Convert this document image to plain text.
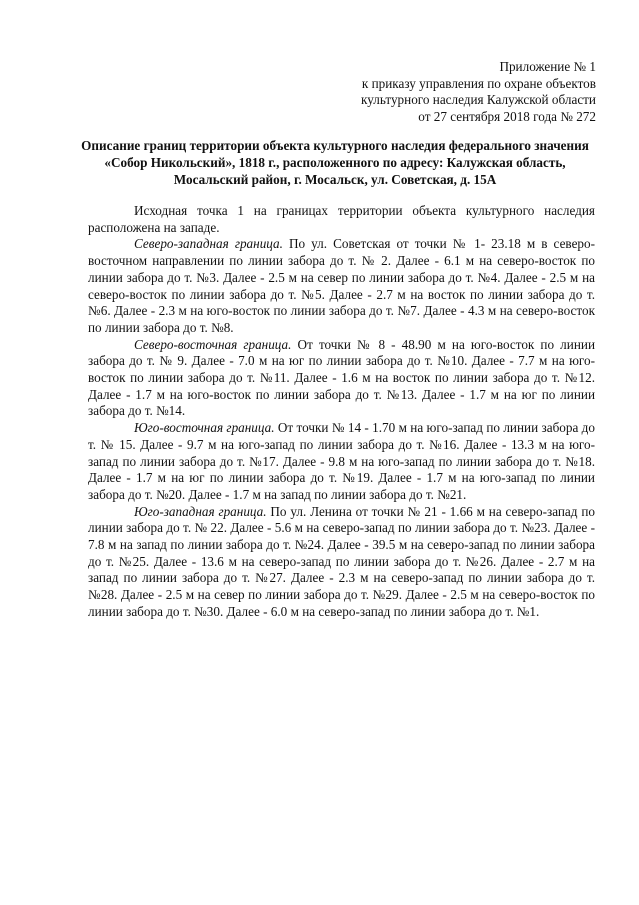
Приложение № 1
к приказу управления по охране объектов
культурного наследия Калужской области
от 27 сентября 2018 года № 272
Описание границ территории объекта культурного наследия федерального значения «Собор Никольский», 1818 г., расположенного по адресу: Калужская область, Мосальский район, г. Мосальск, ул. Советская, д. 15А

Исходная точка 1 на границах территории объекта культурного наследия расположена на западе.

Северо-западная граница. По ул. Советская от точки № 1- 23.18 м в северо-восточном направлении по линии забора до т. № 2. Далее - 6.1 м на северо-восток по линии забора до т. №3. Далее - 2.5 м на север по линии забора до т. №4. Далее - 2.5 м на северо-восток по линии забора до т. №5. Далее - 2.7 м на восток по линии забора до т. №6. Далее - 2.3 м на юго-восток по линии забора до т. №7. Далее - 4.3 м на северо-восток по линии забора до т. №8.

Северо-восточная граница. От точки № 8 - 48.90 м на юго-восток по линии забора до т. № 9. Далее - 7.0 м на юг по линии забора до т. №10. Далее - 7.7 м на юго-восток по линии забора до т. №11. Далее - 1.6 м на восток по линии забора до т. №12. Далее - 1.7 м на юго-восток по линии забора до т. №13. Далее - 1.7 м на юг по линии забора до т. №14.

Юго-восточная граница. От точки № 14 - 1.70 м на юго-запад по линии забора до т. № 15. Далее - 9.7 м на юго-запад по линии забора до т. №16. Далее - 13.3 м на юго-запад по линии забора до т. №17. Далее - 9.8 м на юго-запад по линии забора до т. №18. Далее - 1.7 м на юг по линии забора до т. №19. Далее - 1.7 м на юго-запад по линии забора до т. №20. Далее - 1.7 м на запад по линии забора до т. №21.

Юго-западная граница. По ул. Ленина от точки № 21 - 1.66 м на северо-запад по линии забора до т. № 22. Далее - 5.6 м на северо-запад по линии забора до т. №23. Далее - 7.8 м на запад по линии забора до т. №24. Далее - 39.5 м на северо-запад по линии забора до т. №25. Далее - 13.6 м на северо-запад по линии забора до т. №26. Далее - 2.7 м на запад по линии забора до т. №27. Далее - 2.3 м на северо-запад по линии забора до т. №28. Далее - 2.5 м на север по линии забора до т. №29. Далее - 2.5 м на северо-восток по линии забора до т. №30. Далее - 6.0 м на северо-запад по линии забора до т. №1.
